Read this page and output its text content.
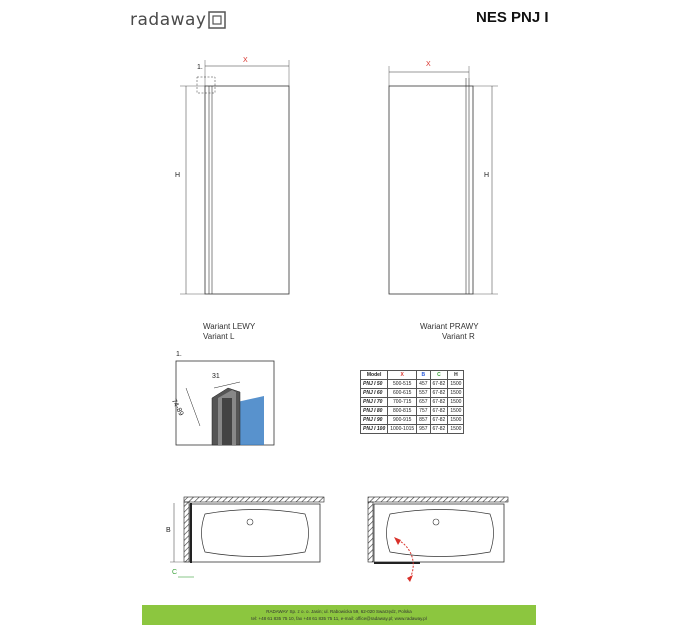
radaway	NES PNJ I
X
H
1.
Wariant LEWY
Variant L
X
H
Wariant PRAWY
Variant R
1.
31
74-89
B
C
Model	X	B	C	H
PNJ I 50	500-515	457	67-82	1500
PNJ I 60	600-615	557	67-82	1500
PNJ I 70	700-715	657	67-82	1500
PNJ I 80	800-815	757	67-82	1500
PNJ I 90	900-915	857	67-82	1500
PNJ I 100	1000-1015	957	67-82	1500
RADAWAY Sp. z o. o. Jasin; ul. Rabowicka 59, 62-020 Swarzędz, Polska
tel: +48 61 835 75 10, fax +48 61 835 75 11, e-mail: office@radaway.pl; www.radaway.pl
